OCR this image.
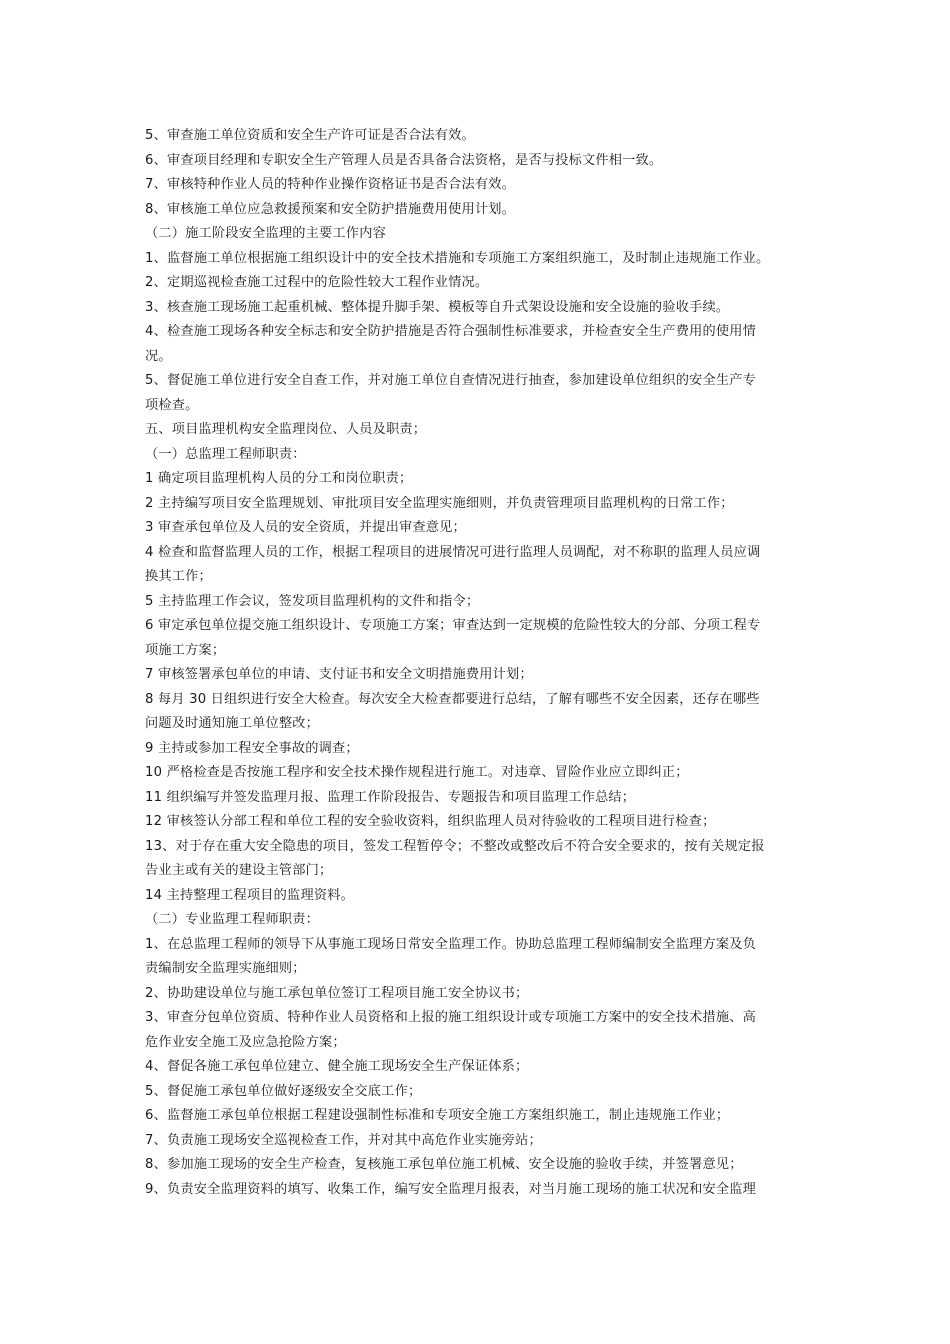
5、审查施工单位资质和安全生产许可证是否合法有效。
6、审查项目经理和专职安全生产管理人员是否具备合法资格，是否与投标文件相一致。
7、审核特种作业人员的特种作业操作资格证书是否合法有效。
8、审核施工单位应急救援预案和安全防护措施费用使用计划。
（二）施工阶段安全监理的主要工作内容
1、监督施工单位根据施工组织设计中的安全技术措施和专项施工方案组织施工，及时制止违规施工作业。
2、定期巡视检查施工过程中的危险性较大工程作业情况。
3、核查施工现场施工起重机械、整体提升脚手架、模板等自升式架设设施和安全设施的验收手续。
4、检查施工现场各种安全标志和安全防护措施是否符合强制性标准要求，并检查安全生产费用的使用情
况。
5、督促施工单位进行安全自查工作，并对施工单位自查情况进行抽查，参加建设单位组织的安全生产专
项检查。
五、项目监理机构安全监理岗位、人员及职责；
（一）总监理工程师职责：
1 确定项目监理机构人员的分工和岗位职责；
2 主持编写项目安全监理规划、审批项目安全监理实施细则，并负责管理项目监理机构的日常工作；
3 审查承包单位及人员的安全资质，并提出审查意见；
4 检查和监督监理人员的工作，根据工程项目的进展情况可进行监理人员调配，对不称职的监理人员应调
换其工作；
5 主持监理工作会议，签发项目监理机构的文件和指令；
6 审定承包单位提交施工组织设计、专项施工方案；审查达到一定规模的危险性较大的分部、分项工程专
项施工方案；
7 审核签署承包单位的申请、支付证书和安全文明措施费用计划；
8 每月 30 日组织进行安全大检查。每次安全大检查都要进行总结，了解有哪些不安全因素，还存在哪些
问题及时通知施工单位整改；
9 主持或参加工程安全事故的调查；
10 严格检查是否按施工程序和安全技术操作规程进行施工。对违章、冒险作业应立即纠正；
11 组织编写并签发监理月报、监理工作阶段报告、专题报告和项目监理工作总结；
12 审核签认分部工程和单位工程的安全验收资料，组织监理人员对待验收的工程项目进行检查；
13、对于存在重大安全隐患的项目，签发工程暂停令；不整改或整改后不符合安全要求的，按有关规定报
告业主或有关的建设主管部门；
14 主持整理工程项目的监理资料。
（二）专业监理工程师职责：
1、在总监理工程师的领导下从事施工现场日常安全监理工作。协助总监理工程师编制安全监理方案及负
责编制安全监理实施细则；
2、协助建设单位与施工承包单位签订工程项目施工安全协议书；
3、审查分包单位资质、特种作业人员资格和上报的施工组织设计或专项施工方案中的安全技术措施、高
危作业安全施工及应急抢险方案；
4、督促各施工承包单位建立、健全施工现场安全生产保证体系；
5、督促施工承包单位做好逐级安全交底工作；
6、监督施工承包单位根据工程建设强制性标准和专项安全施工方案组织施工，制止违规施工作业；
7、负责施工现场安全巡视检查工作，并对其中高危作业实施旁站；
8、参加施工现场的安全生产检查，复核施工承包单位施工机械、安全设施的验收手续，并签署意见；
9、负责安全监理资料的填写、收集工作，编写安全监理月报表，对当月施工现场的施工状况和安全监理
